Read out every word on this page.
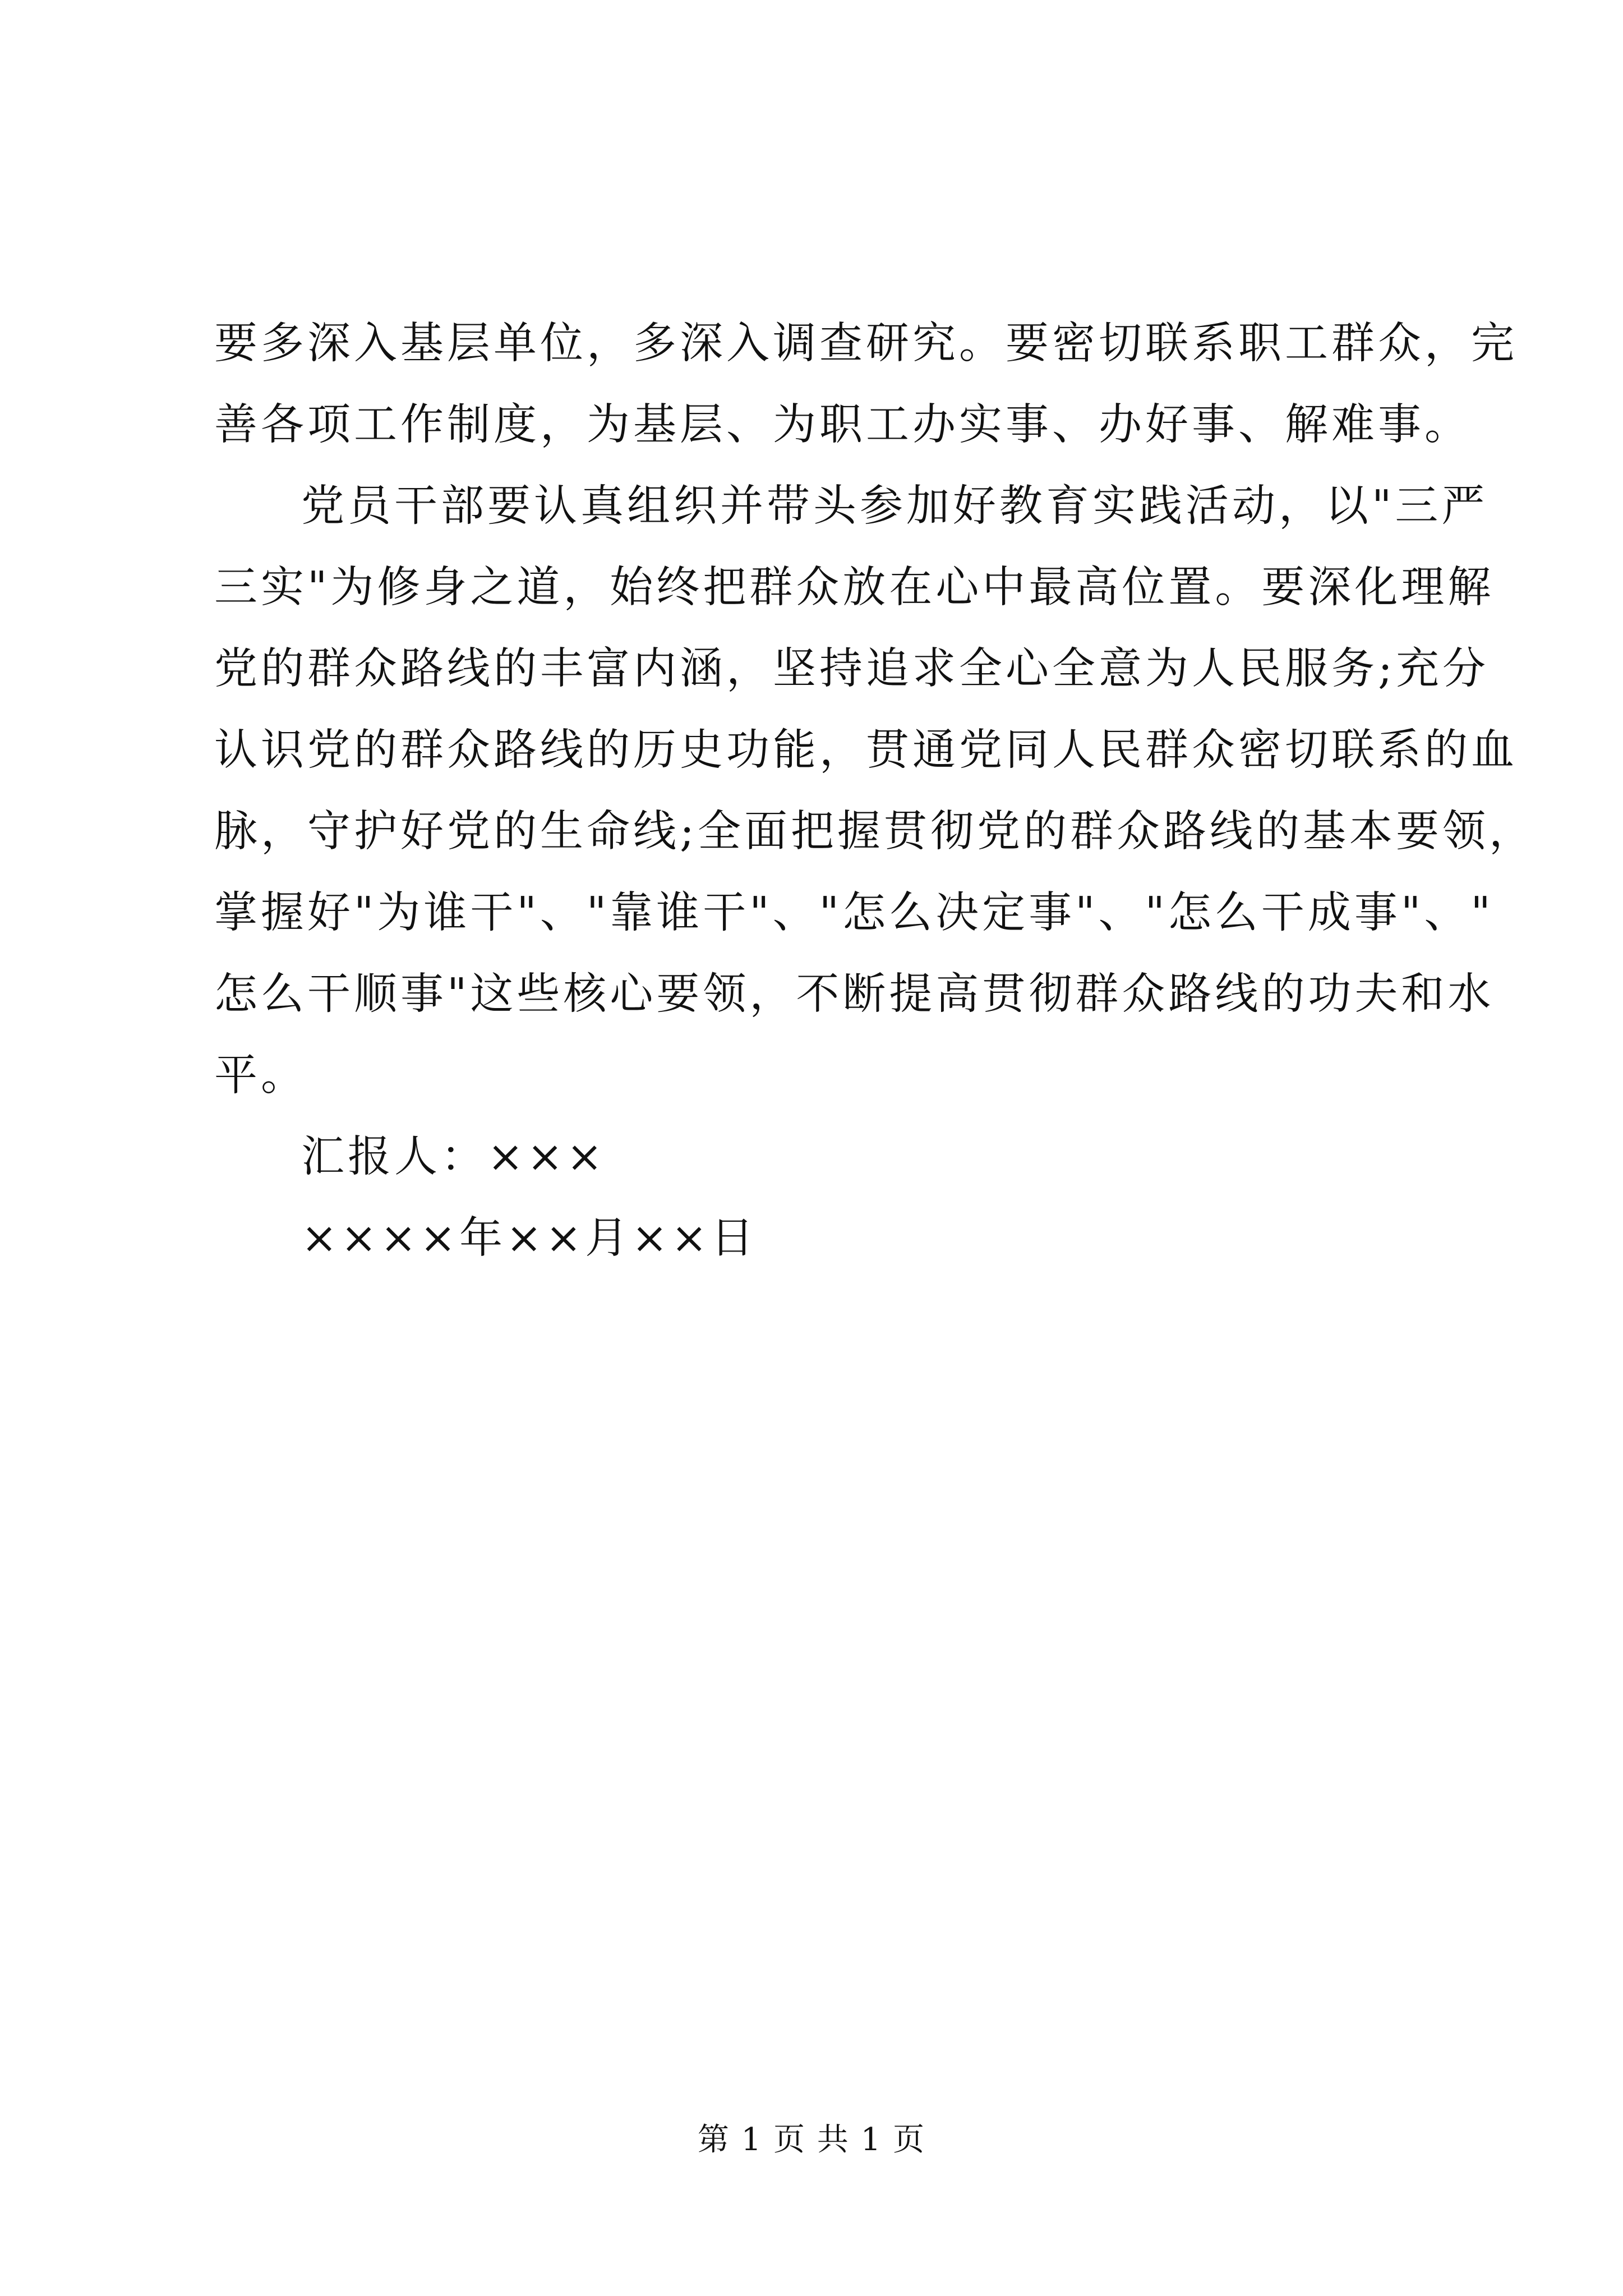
要多深入基层单位，多深入调查研究。要密切联系职工群众，完
善各项工作制度，为基层、为职工办实事、办好事、解难事。
党员干部要认真组织并带头参加好教育实践活动，以"三严
三实"为修身之道，始终把群众放在心中最高位置。要深化理解
党的群众路线的丰富内涵，坚持追求全心全意为人民服务;充分
认识党的群众路线的历史功能，贯通党同人民群众密切联系的血
脉，守护好党的生命线;全面把握贯彻党的群众路线的基本要领，
掌握好"为谁干"、"靠谁干"、"怎么决定事"、"怎么干成事"、"
怎么干顺事"这些核心要领，不断提高贯彻群众路线的功夫和水
平。
汇报人：×××
××××年××月××日
第 1 页 共 1 页
